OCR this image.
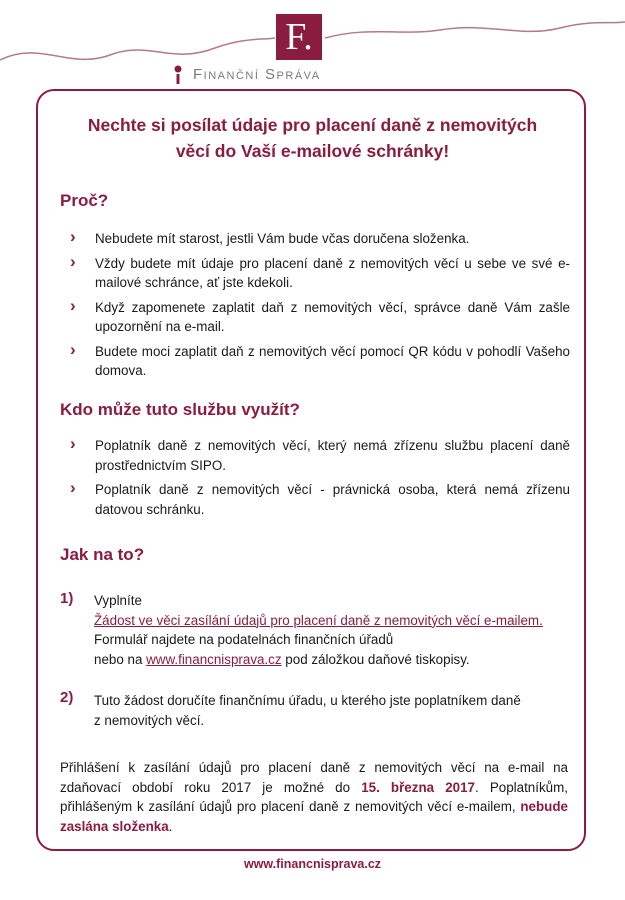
F.
Finanční Správa
Nechte si posílat údaje pro placení daně z nemovitých
věcí do Vaší e-mailové schránky!
Proč?
› Nebudete mít starost, jestli Vám bude včas doručena složenka.
› Vždy budete mít údaje pro placení daně z nemovitých věcí u sebe ve své e-mailové schránce, ať jste kdekoli.
› Když zapomenete zaplatit daň z nemovitých věcí, správce daně Vám zašle upozornění na e-mail.
› Budete moci zaplatit daň z nemovitých věcí pomocí QR kódu v pohodlí Vašeho domova.
Kdo může tuto službu využít?
› Poplatník daně z nemovitých věcí, který nemá zřízenu službu placení daně prostřednictvím SIPO.
› Poplatník daně z nemovitých věcí - právnická osoba, která nemá zřízenu datovou schránku.
Jak na to?
1) Vyplníte
Žádost ve věci zasílání údajů pro placení daně z nemovitých věcí e-mailem.
Formulář najdete na podatelnách finančních úřadů
nebo na www.financnisprava.cz pod záložkou daňové tiskopisy.
2) Tuto žádost doručíte finančnímu úřadu, u kterého jste poplatníkem daně
z nemovitých věcí.
Přihlášení k zasílání údajů pro placení daně z nemovitých věcí na e-mail na zdaňovací období roku 2017 je možné do 15. března 2017. Poplatníkům, přihlášeným k zasílání údajů pro placení daně z nemovitých věcí e-mailem, nebude zaslána složenka.
www.financnisprava.cz
